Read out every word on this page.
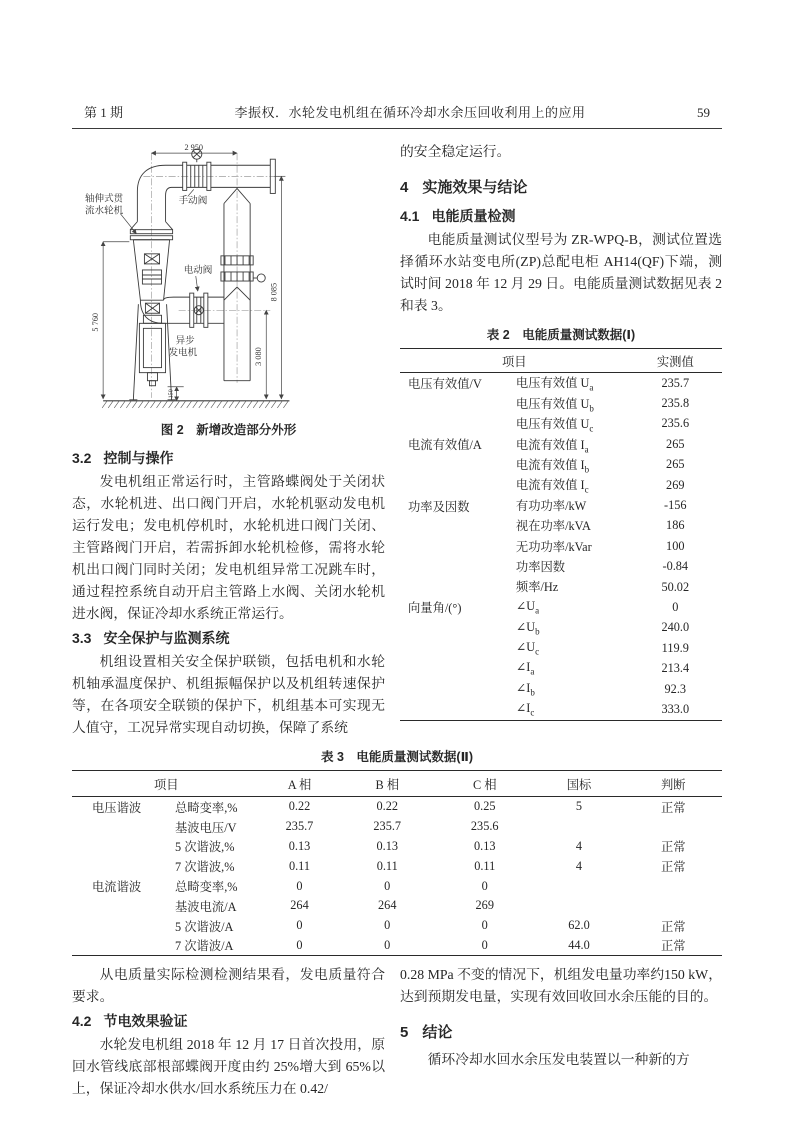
第 1 期	李振权．水轮发电机组在循环冷却水余压回收利用上的应用	59
2 950
8 085
5 760
3 080
150
轴伸式贯
流水轮机
手动阀
电动阀
异步
发电机
图 2　新增改造部分外形
3.2 控制与操作

发电机组正常运行时，主管路蝶阀处于关闭状态，水轮机进、出口阀门开启，水轮机驱动发电机运行发电；发电机停机时，水轮机进口阀门关闭、主管路阀门开启，若需拆卸水轮机检修，需将水轮机出口阀门同时关闭；发电机组异常工况跳车时，通过程控系统自动开启主管路上水阀、关闭水轮机进水阀，保证冷却水系统正常运行。

3.3 安全保护与监测系统

机组设置相关安全保护联锁，包括电机和水轮机轴承温度保护、机组振幅保护以及机组转速保护等，在各项安全联锁的保护下，机组基本可实现无人值守，工况异常实现自动切换，保障了系统

的安全稳定运行。

4 实施效果与结论
4.1 电能质量检测

电能质量测试仪型号为 ZR-WPQ-B，测试位置选择循环水站变电所(ZP)总配电柜 AH14(QF)下端，测试时间 2018 年 12 月 29 日。电能质量测试数据见表 2 和表 3。

表 2　电能质量测试数据(Ⅰ)
项目	实测值
电压有效值/V	电压有效值 $U_a$	235.7
电压有效值 $U_b$	235.8
电压有效值 $U_c$	235.6
电流有效值/A	电流有效值 $I_a$	265
电流有效值 $I_b$	265
电流有效值 $I_c$	269
功率及因数	有功功率/kW	-156
视在功率/kVA	186
无功功率/kVar	100
功率因数	-0.84
频率/Hz	50.02
向量角/(°)	$\angle U_a$	0
$\angle U_b$	240.0
$\angle U_c$	119.9
$\angle I_a$	213.4
$\angle I_b$	92.3
$\angle I_c$	333.0
表 3　电能质量测试数据(Ⅱ)
项目	A 相	B 相	C 相	国标	判断
电压谐波	总畸变率,%	0.22	0.22	0.25	5	正常
基波电压/V	235.7	235.7	235.6
5 次谐波,%	0.13	0.13	0.13	4	正常
7 次谐波,%	0.11	0.11	0.11	4	正常
电流谐波	总畸变率,%	0	0	0
基波电流/A	264	264	269
5 次谐波/A	0	0	0	62.0	正常
7 次谐波/A	0	0	0	44.0	正常

从电质量实际检测检测结果看，发电质量符合要求。

4.2 节电效果验证

水轮发电机组 2018 年 12 月 17 日首次投用，原回水管线底部根部蝶阀开度由约 25%增大到 65%以上，保证冷却水供水/回水系统压力在 0.42/

0.28 MPa 不变的情况下，机组发电量功率约150 kW，达到预期发电量，实现有效回收回水余压能的目的。

5 结论

循环冷却水回水余压发电装置以一种新的方
